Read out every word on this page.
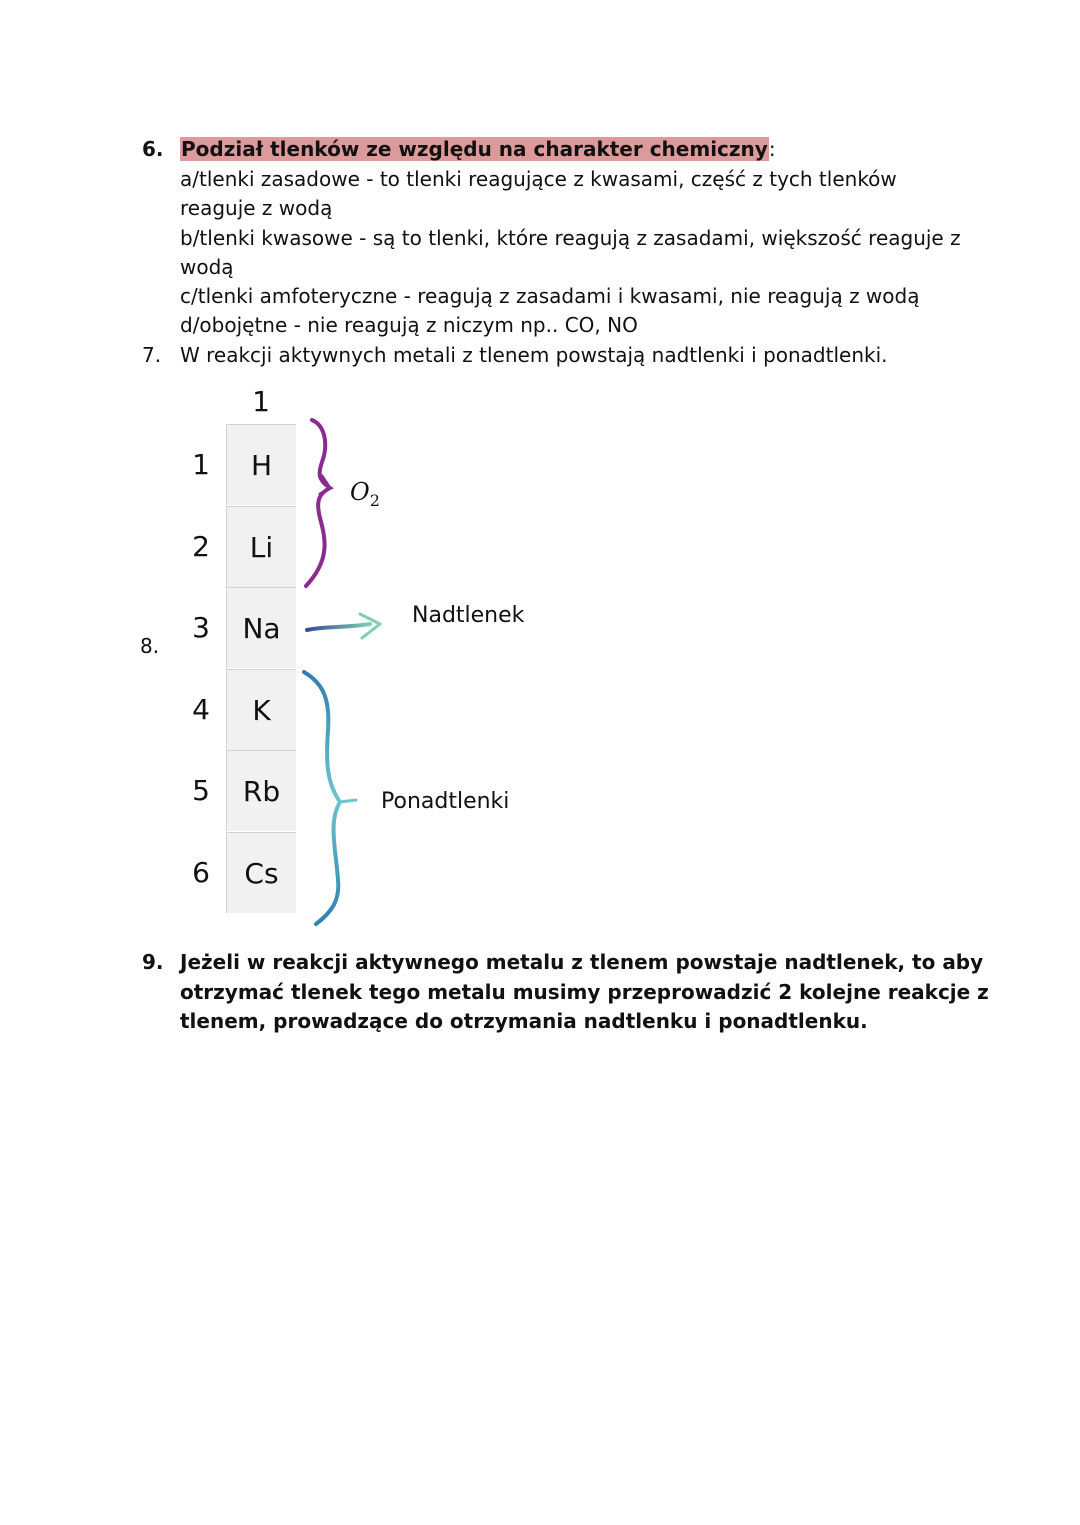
6. Podział tlenków ze względu na charakter chemiczny:
a/tlenki zasadowe - to tlenki reagujące z kwasami, część z tych tlenków
reaguje z wodą
b/tlenki kwasowe - są to tlenki, które reagują z zasadami, większość reaguje z
wodą
c/tlenki amfoteryczne - reagują z zasadami i kwasami, nie reagują z wodą
d/obojętne - nie reagują z niczym np.. CO, NO
7. W reakcji aktywnych metali z tlenem powstają nadtlenki i ponadtlenki.
8.
1
1
2
3
4
5
6
H
Li
Na
K
Rb
Cs
$O_2$
Nadtlenek
Ponadtlenki
9. Jeżeli w reakcji aktywnego metalu z tlenem powstaje nadtlenek, to aby
otrzymać tlenek tego metalu musimy przeprowadzić 2 kolejne reakcje z
tlenem, prowadzące do otrzymania nadtlenku i ponadtlenku.
